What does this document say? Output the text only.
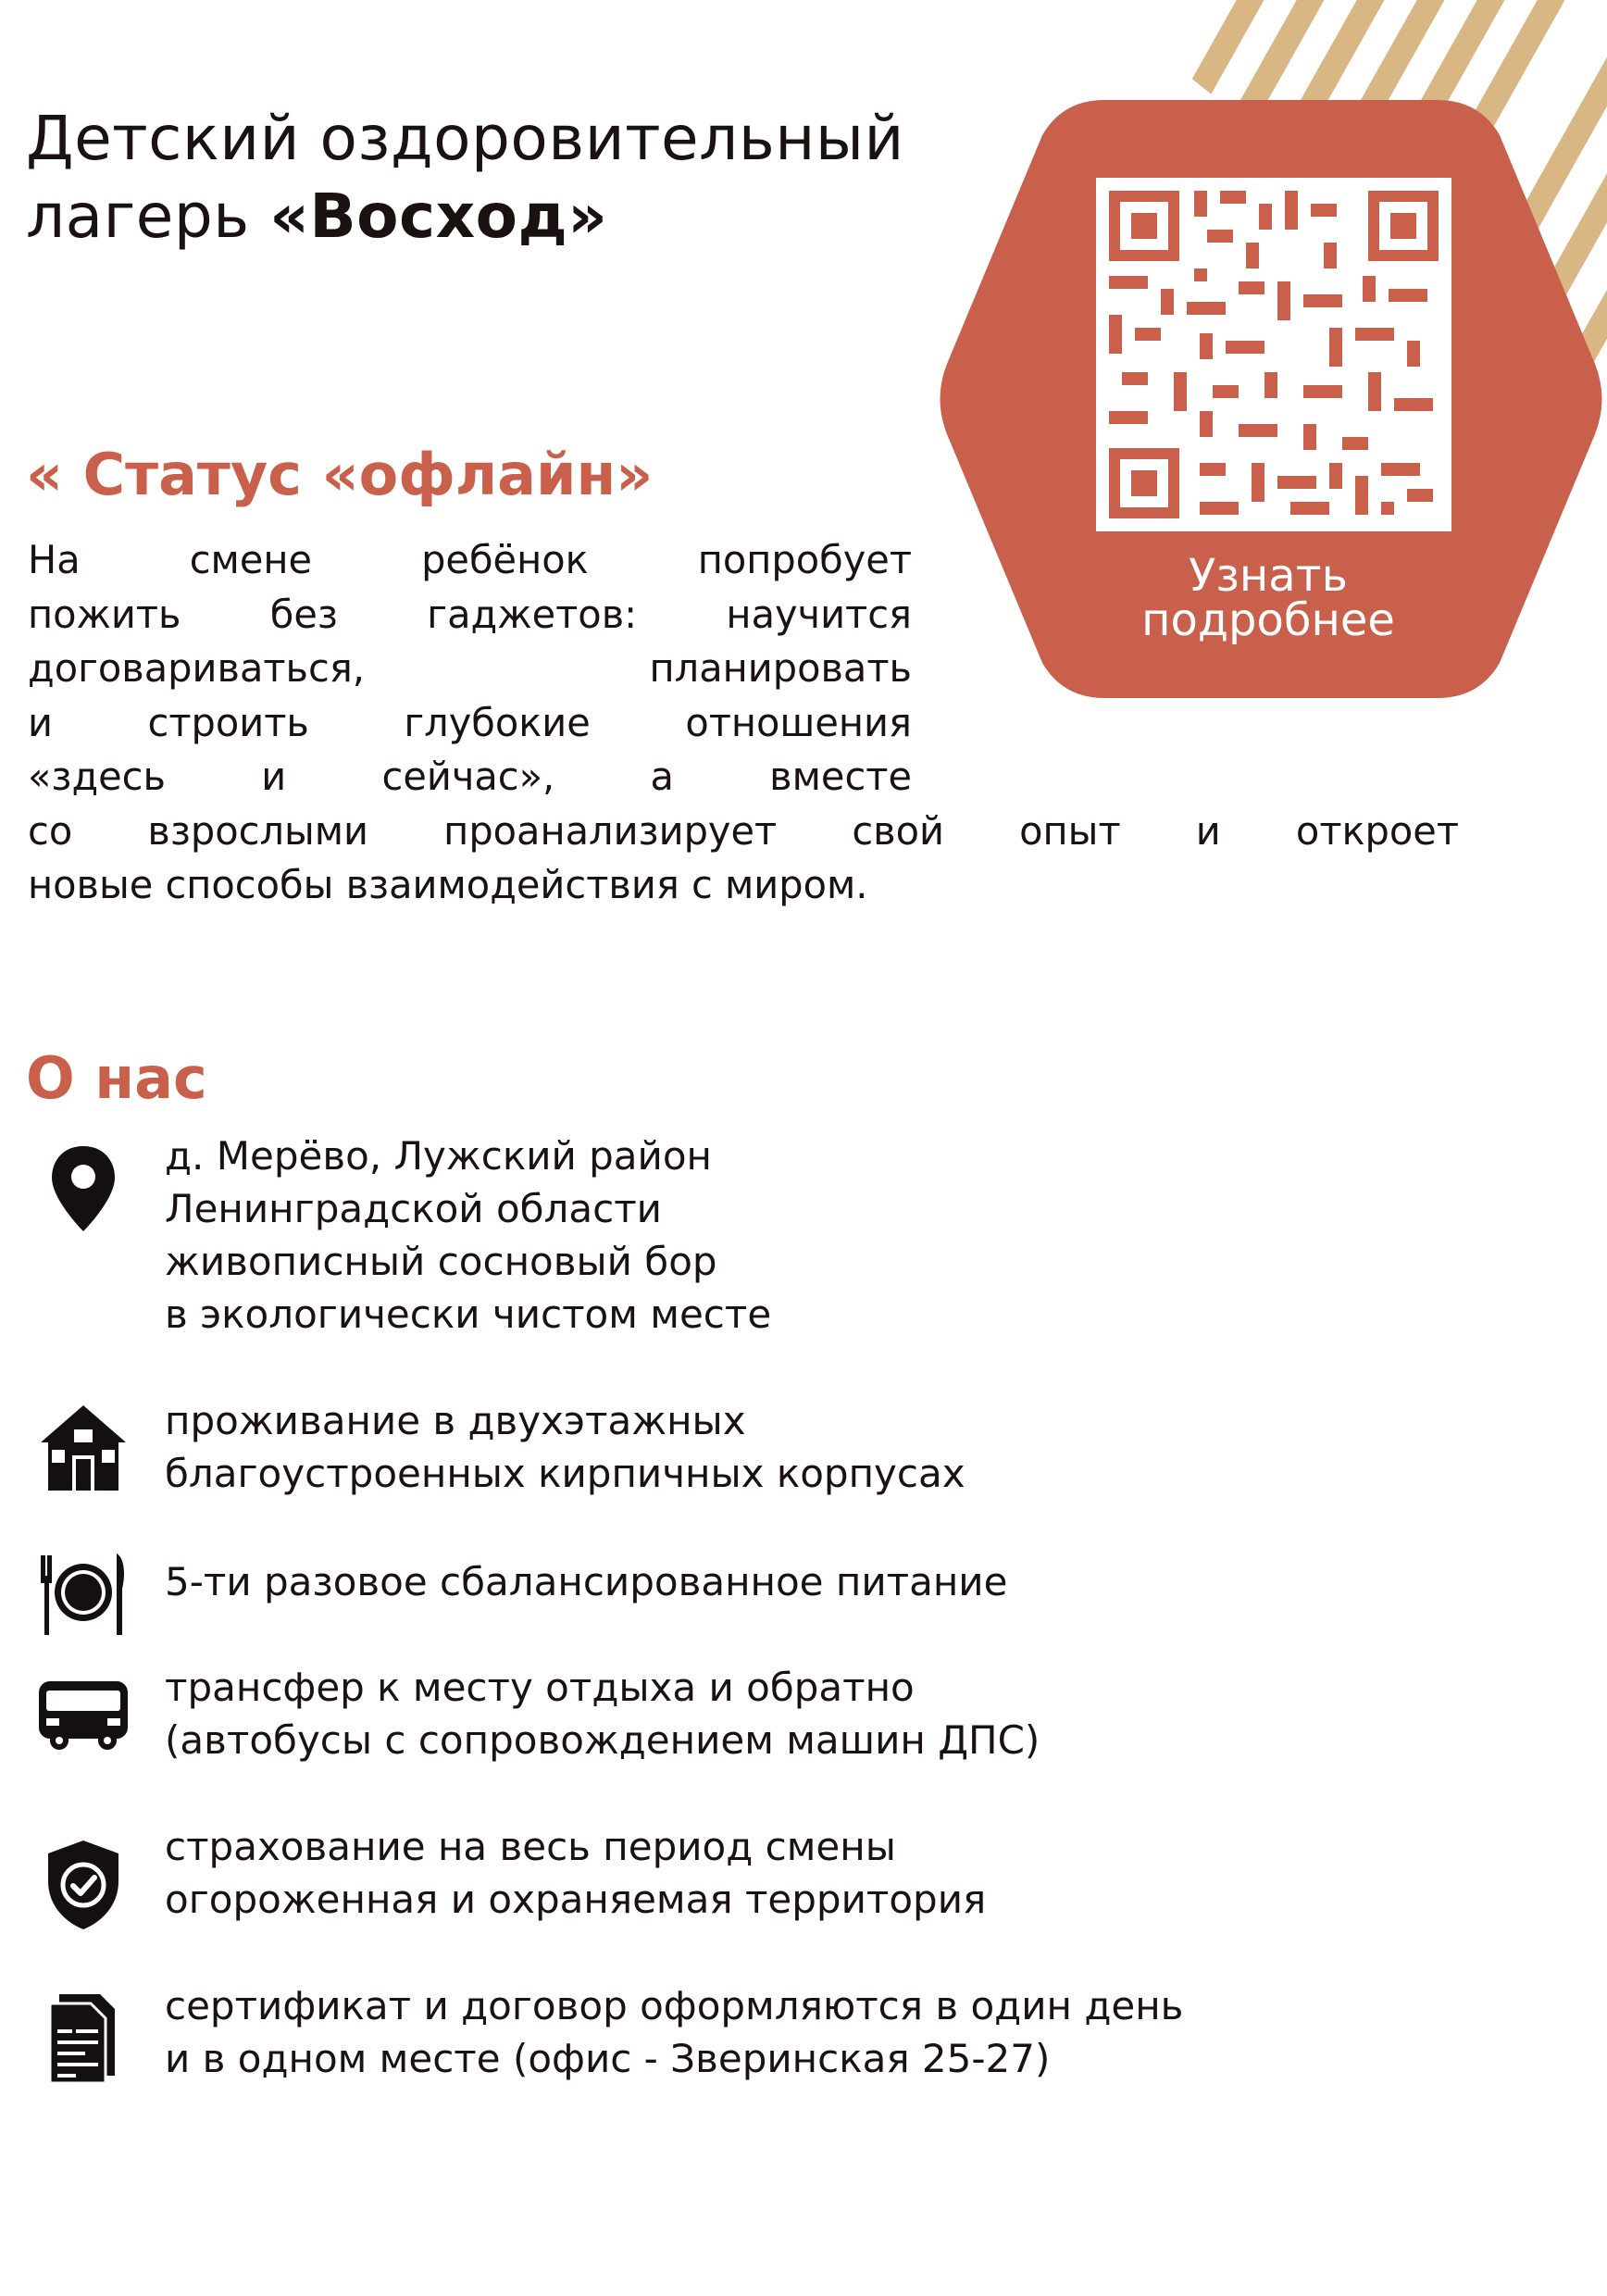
Детский оздоровительный
лагерь «Восход»
Узнать
подробнее
« Статус «офлайн»
На смене ребёнок попробует
пожить без гаджетов: научится
договариваться, планировать
и строить глубокие отношения
«здесь и сейчас», а вместе
со взрослыми проанализирует свой опыт и откроет
новые способы взаимодействия с миром.
О нас
д. Мерёво, Лужский район
Ленинградской области
живописный сосновый бор
в экологически чистом месте
проживание в двухэтажных
благоустроенных кирпичных корпусах
5-ти разовое сбалансированное питание
трансфер к месту отдыха и обратно
(автобусы с сопровождением машин ДПС)
страхование на весь период смены
огороженная и охраняемая территория
сертификат и договор оформляются в один день
и в одном месте (офис - Зверинская 25-27)
